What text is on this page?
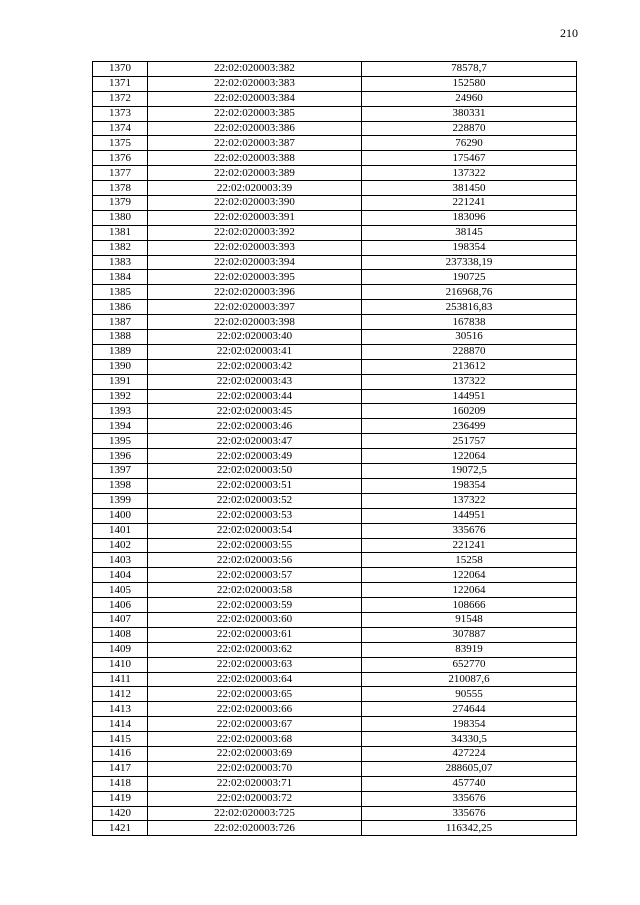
210
1370	22:02:020003:382	78578,7
1371	22:02:020003:383	152580
1372	22:02:020003:384	24960
1373	22:02:020003:385	380331
1374	22:02:020003:386	228870
1375	22:02:020003:387	76290
1376	22:02:020003:388	175467
1377	22:02:020003:389	137322
1378	22:02:020003:39	381450
1379	22:02:020003:390	221241
1380	22:02:020003:391	183096
1381	22:02:020003:392	38145
1382	22:02:020003:393	198354
1383	22:02:020003:394	237338,19
1384	22:02:020003:395	190725
1385	22:02:020003:396	216968,76
1386	22:02:020003:397	253816,83
1387	22:02:020003:398	167838
1388	22:02:020003:40	30516
1389	22:02:020003:41	228870
1390	22:02:020003:42	213612
1391	22:02:020003:43	137322
1392	22:02:020003:44	144951
1393	22:02:020003:45	160209
1394	22:02:020003:46	236499
1395	22:02:020003:47	251757
1396	22:02:020003:49	122064
1397	22:02:020003:50	19072,5
1398	22:02:020003:51	198354
1399	22:02:020003:52	137322
1400	22:02:020003:53	144951
1401	22:02:020003:54	335676
1402	22:02:020003:55	221241
1403	22:02:020003:56	15258
1404	22:02:020003:57	122064
1405	22:02:020003:58	122064
1406	22:02:020003:59	108666
1407	22:02:020003:60	91548
1408	22:02:020003:61	307887
1409	22:02:020003:62	83919
1410	22:02:020003:63	652770
1411	22:02:020003:64	210087,6
1412	22:02:020003:65	90555
1413	22:02:020003:66	274644
1414	22:02:020003:67	198354
1415	22:02:020003:68	34330,5
1416	22:02:020003:69	427224
1417	22:02:020003:70	288605,07
1418	22:02:020003:71	457740
1419	22:02:020003:72	335676
1420	22:02:020003:725	335676
1421	22:02:020003:726	116342,25
